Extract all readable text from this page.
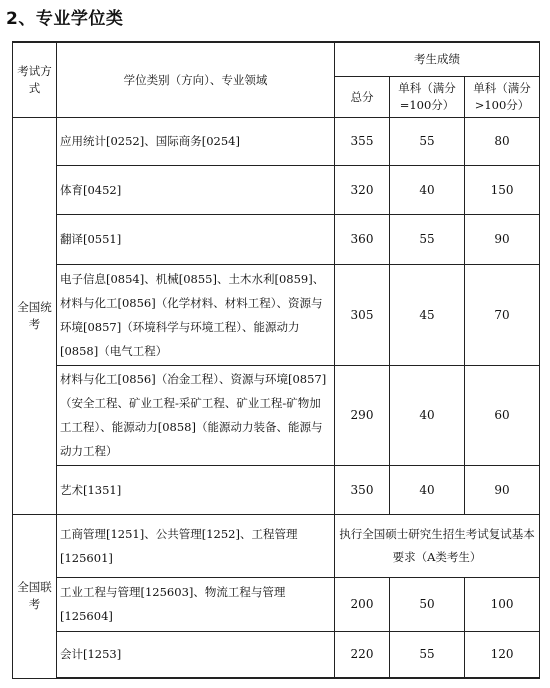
2、专业学位类
考试方式	学位类别（方向）、专业领域	考生成绩		
		总分	单科（满分=100分）	单科（满分>100分）
全国统考	应用统计[0252]、国际商务[0254]	355	55	80
	体育[0452]	320	40	150
	翻译[0551]	360	55	90
	电子信息[0854]、机械[0855]、土木水利[0859]、材料与化工[0856]（化学材料、材料工程）、资源与环境[0857]（环境科学与环境工程）、能源动力[0858]（电气工程）	305	45	70
	材料与化工[0856]（冶金工程）、资源与环境[0857]（安全工程、矿业工程-采矿工程、矿业工程-矿物加工工程）、能源动力[0858]（能源动力装备、能源与动力工程）	290	40	60
	艺术[1351]	350	40	90
全国联考	工商管理[1251]、公共管理[1252]、工程管理[125601]	执行全国硕士研究生招生考试复试基本要求（A类考生）		
	工业工程与管理[125603]、物流工程与管理[125604]	200	50	100
	会计[1253]	220	55	120
